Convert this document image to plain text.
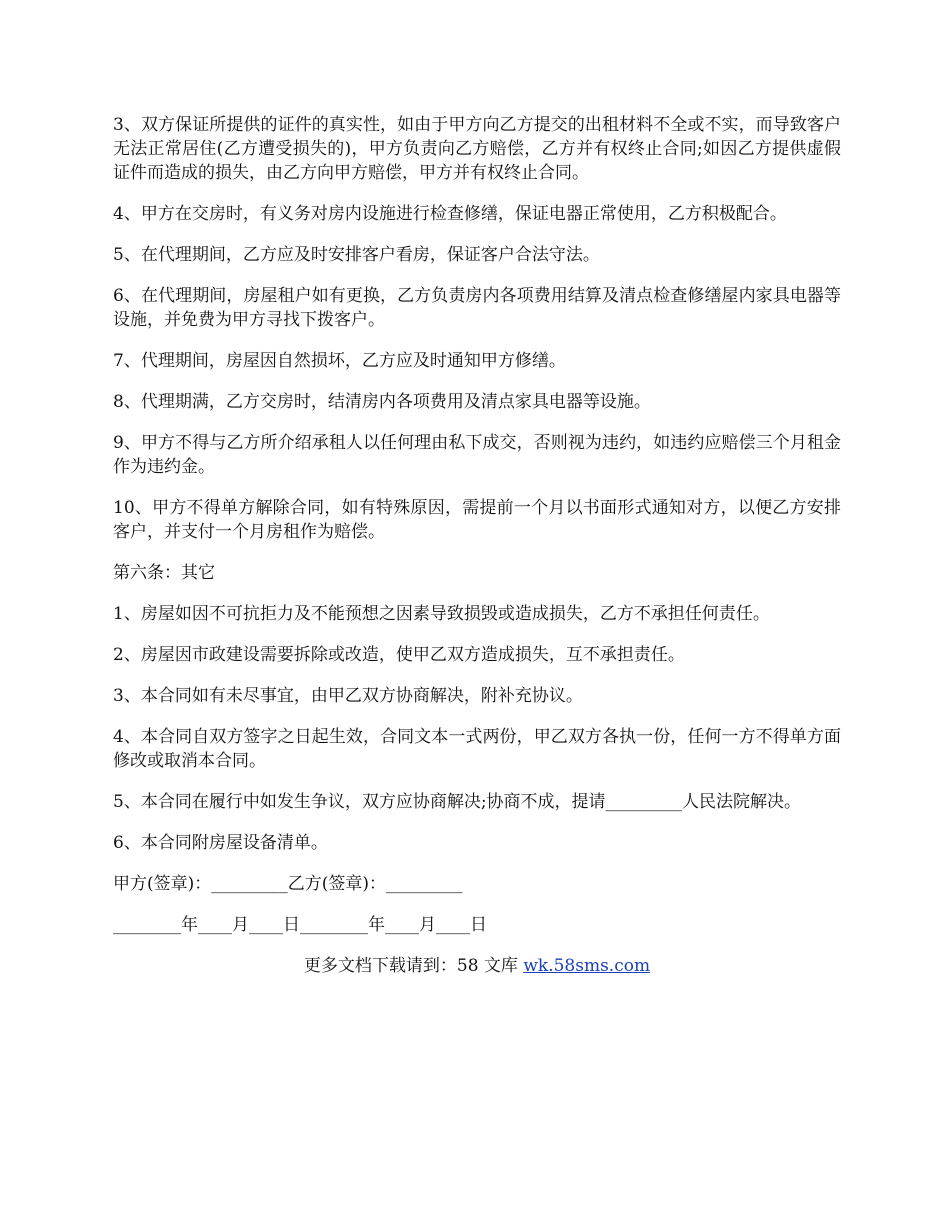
3、双方保证所提供的证件的真实性，如由于甲方向乙方提交的出租材料不全或不实，而导致客户无法正常居住(乙方遭受损失的)，甲方负责向乙方赔偿，乙方并有权终止合同;如因乙方提供虚假证件而造成的损失，由乙方向甲方赔偿，甲方并有权终止合同。

4、甲方在交房时，有义务对房内设施进行检查修缮，保证电器正常使用，乙方积极配合。

5、在代理期间，乙方应及时安排客户看房，保证客户合法守法。

6、在代理期间，房屋租户如有更换，乙方负责房内各项费用结算及清点检查修缮屋内家具电器等设施，并免费为甲方寻找下拨客户。

7、代理期间，房屋因自然损坏，乙方应及时通知甲方修缮。

8、代理期满，乙方交房时，结清房内各项费用及清点家具电器等设施。

9、甲方不得与乙方所介绍承租人以任何理由私下成交，否则视为违约，如违约应赔偿三个月租金作为违约金。

10、甲方不得单方解除合同，如有特殊原因，需提前一个月以书面形式通知对方，以便乙方安排客户，并支付一个月房租作为赔偿。

第六条：其它

1、房屋如因不可抗拒力及不能预想之因素导致损毁或造成损失，乙方不承担任何责任。

2、房屋因市政建设需要拆除或改造，使甲乙双方造成损失，互不承担责任。

3、本合同如有未尽事宜，由甲乙双方协商解决，附补充协议。

4、本合同自双方签字之日起生效，合同文本一式两份，甲乙双方各执一份，任何一方不得单方面修改或取消本合同。

5、本合同在履行中如发生争议，双方应协商解决;协商不成，提请_________人民法院解决。

6、本合同附房屋设备清单。

甲方(签章)：_________乙方(签章)：_________

________年____月____日________年____月____日

更多文档下载请到：58 文库 wk.58sms.com
